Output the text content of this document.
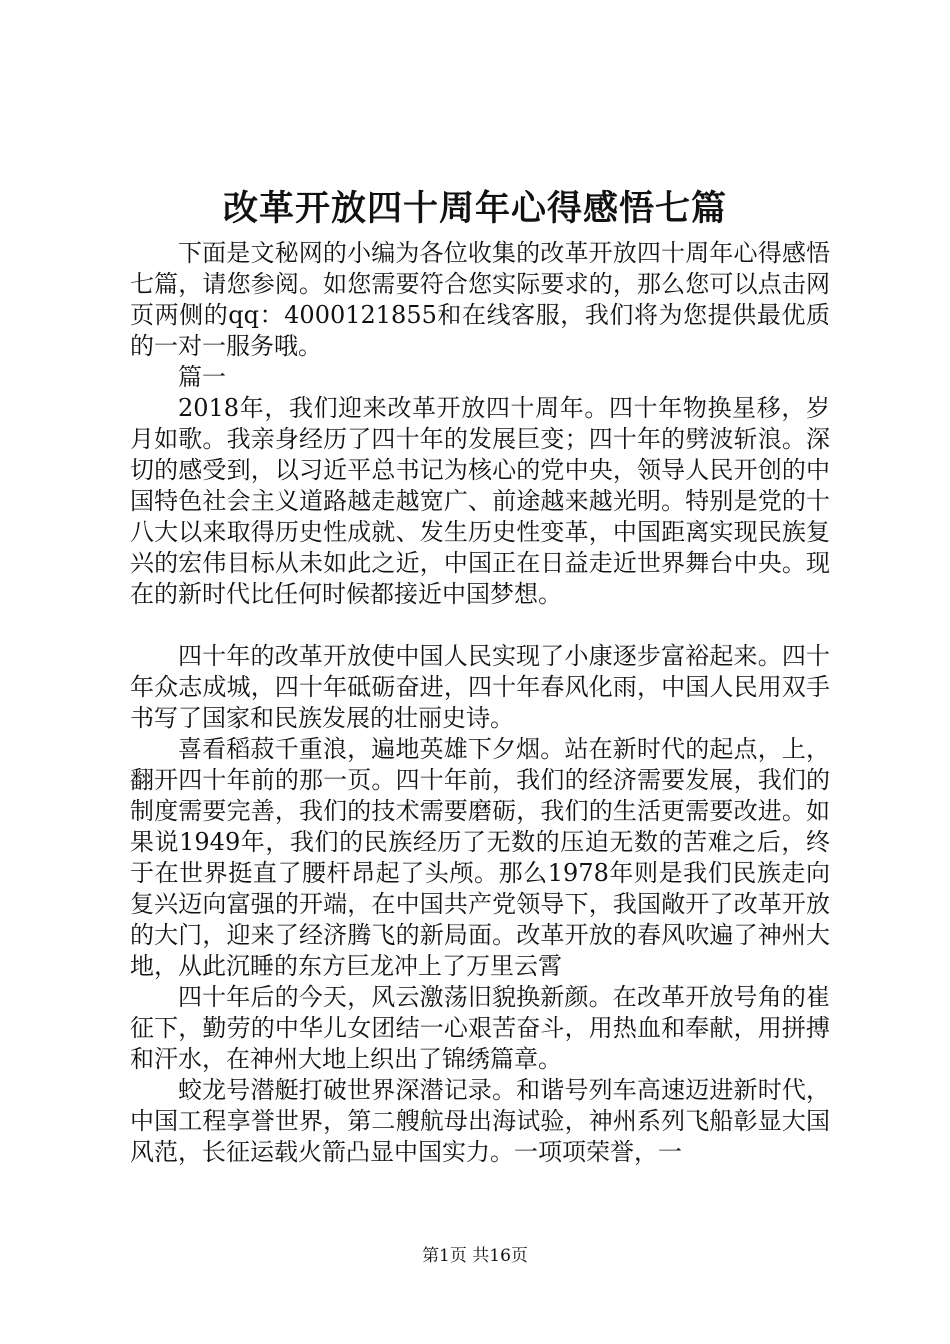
改革开放四十周年心得感悟七篇

下面是文秘网的小编为各位收集的改革开放四十周年心得感悟七篇，请您参阅。如您需要符合您实际要求的，那么您可以点击网页两侧的qq：4000121855和在线客服，我们将为您提供最优质的一对一服务哦。

篇一

2018年，我们迎来改革开放四十周年。四十年物换星移，岁月如歌。我亲身经历了四十年的发展巨变；四十年的劈波斩浪。深切的感受到，以习近平总书记为核心的党中央，领导人民开创的中国特色社会主义道路越走越宽广、前途越来越光明。特别是党的十八大以来取得历史性成就、发生历史性变革，中国距离实现民族复兴的宏伟目标从未如此之近，中国正在日益走近世界舞台中央。现在的新时代比任何时候都接近中国梦想。

四十年的改革开放使中国人民实现了小康逐步富裕起来。四十年众志成城，四十年砥砺奋进，四十年春风化雨，中国人民用双手书写了国家和民族发展的壮丽史诗。

喜看稻菽千重浪，遍地英雄下夕烟。站在新时代的起点，上，翻开四十年前的那一页。四十年前，我们的经济需要发展，我们的制度需要完善，我们的技术需要磨砺，我们的生活更需要改进。如果说1949年，我们的民族经历了无数的压迫无数的苦难之后，终于在世界挺直了腰杆昂起了头颅。那么1978年则是我们民族走向复兴迈向富强的开端，在中国共产党领导下，我国敞开了改革开放的大门，迎来了经济腾飞的新局面。改革开放的春风吹遍了神州大地，从此沉睡的东方巨龙冲上了万里云霄

四十年后的今天，风云激荡旧貌换新颜。在改革开放号角的崔征下，勤劳的中华儿女团结一心艰苦奋斗，用热血和奉献，用拼搏和汗水，在神州大地上织出了锦绣篇章。

蛟龙号潜艇打破世界深潜记录。和谐号列车高速迈进新时代，中国工程享誉世界，第二艘航母出海试验，神州系列飞船彰显大国风范，长征运载火箭凸显中国实力。一项项荣誉，一

第1页 共16页
